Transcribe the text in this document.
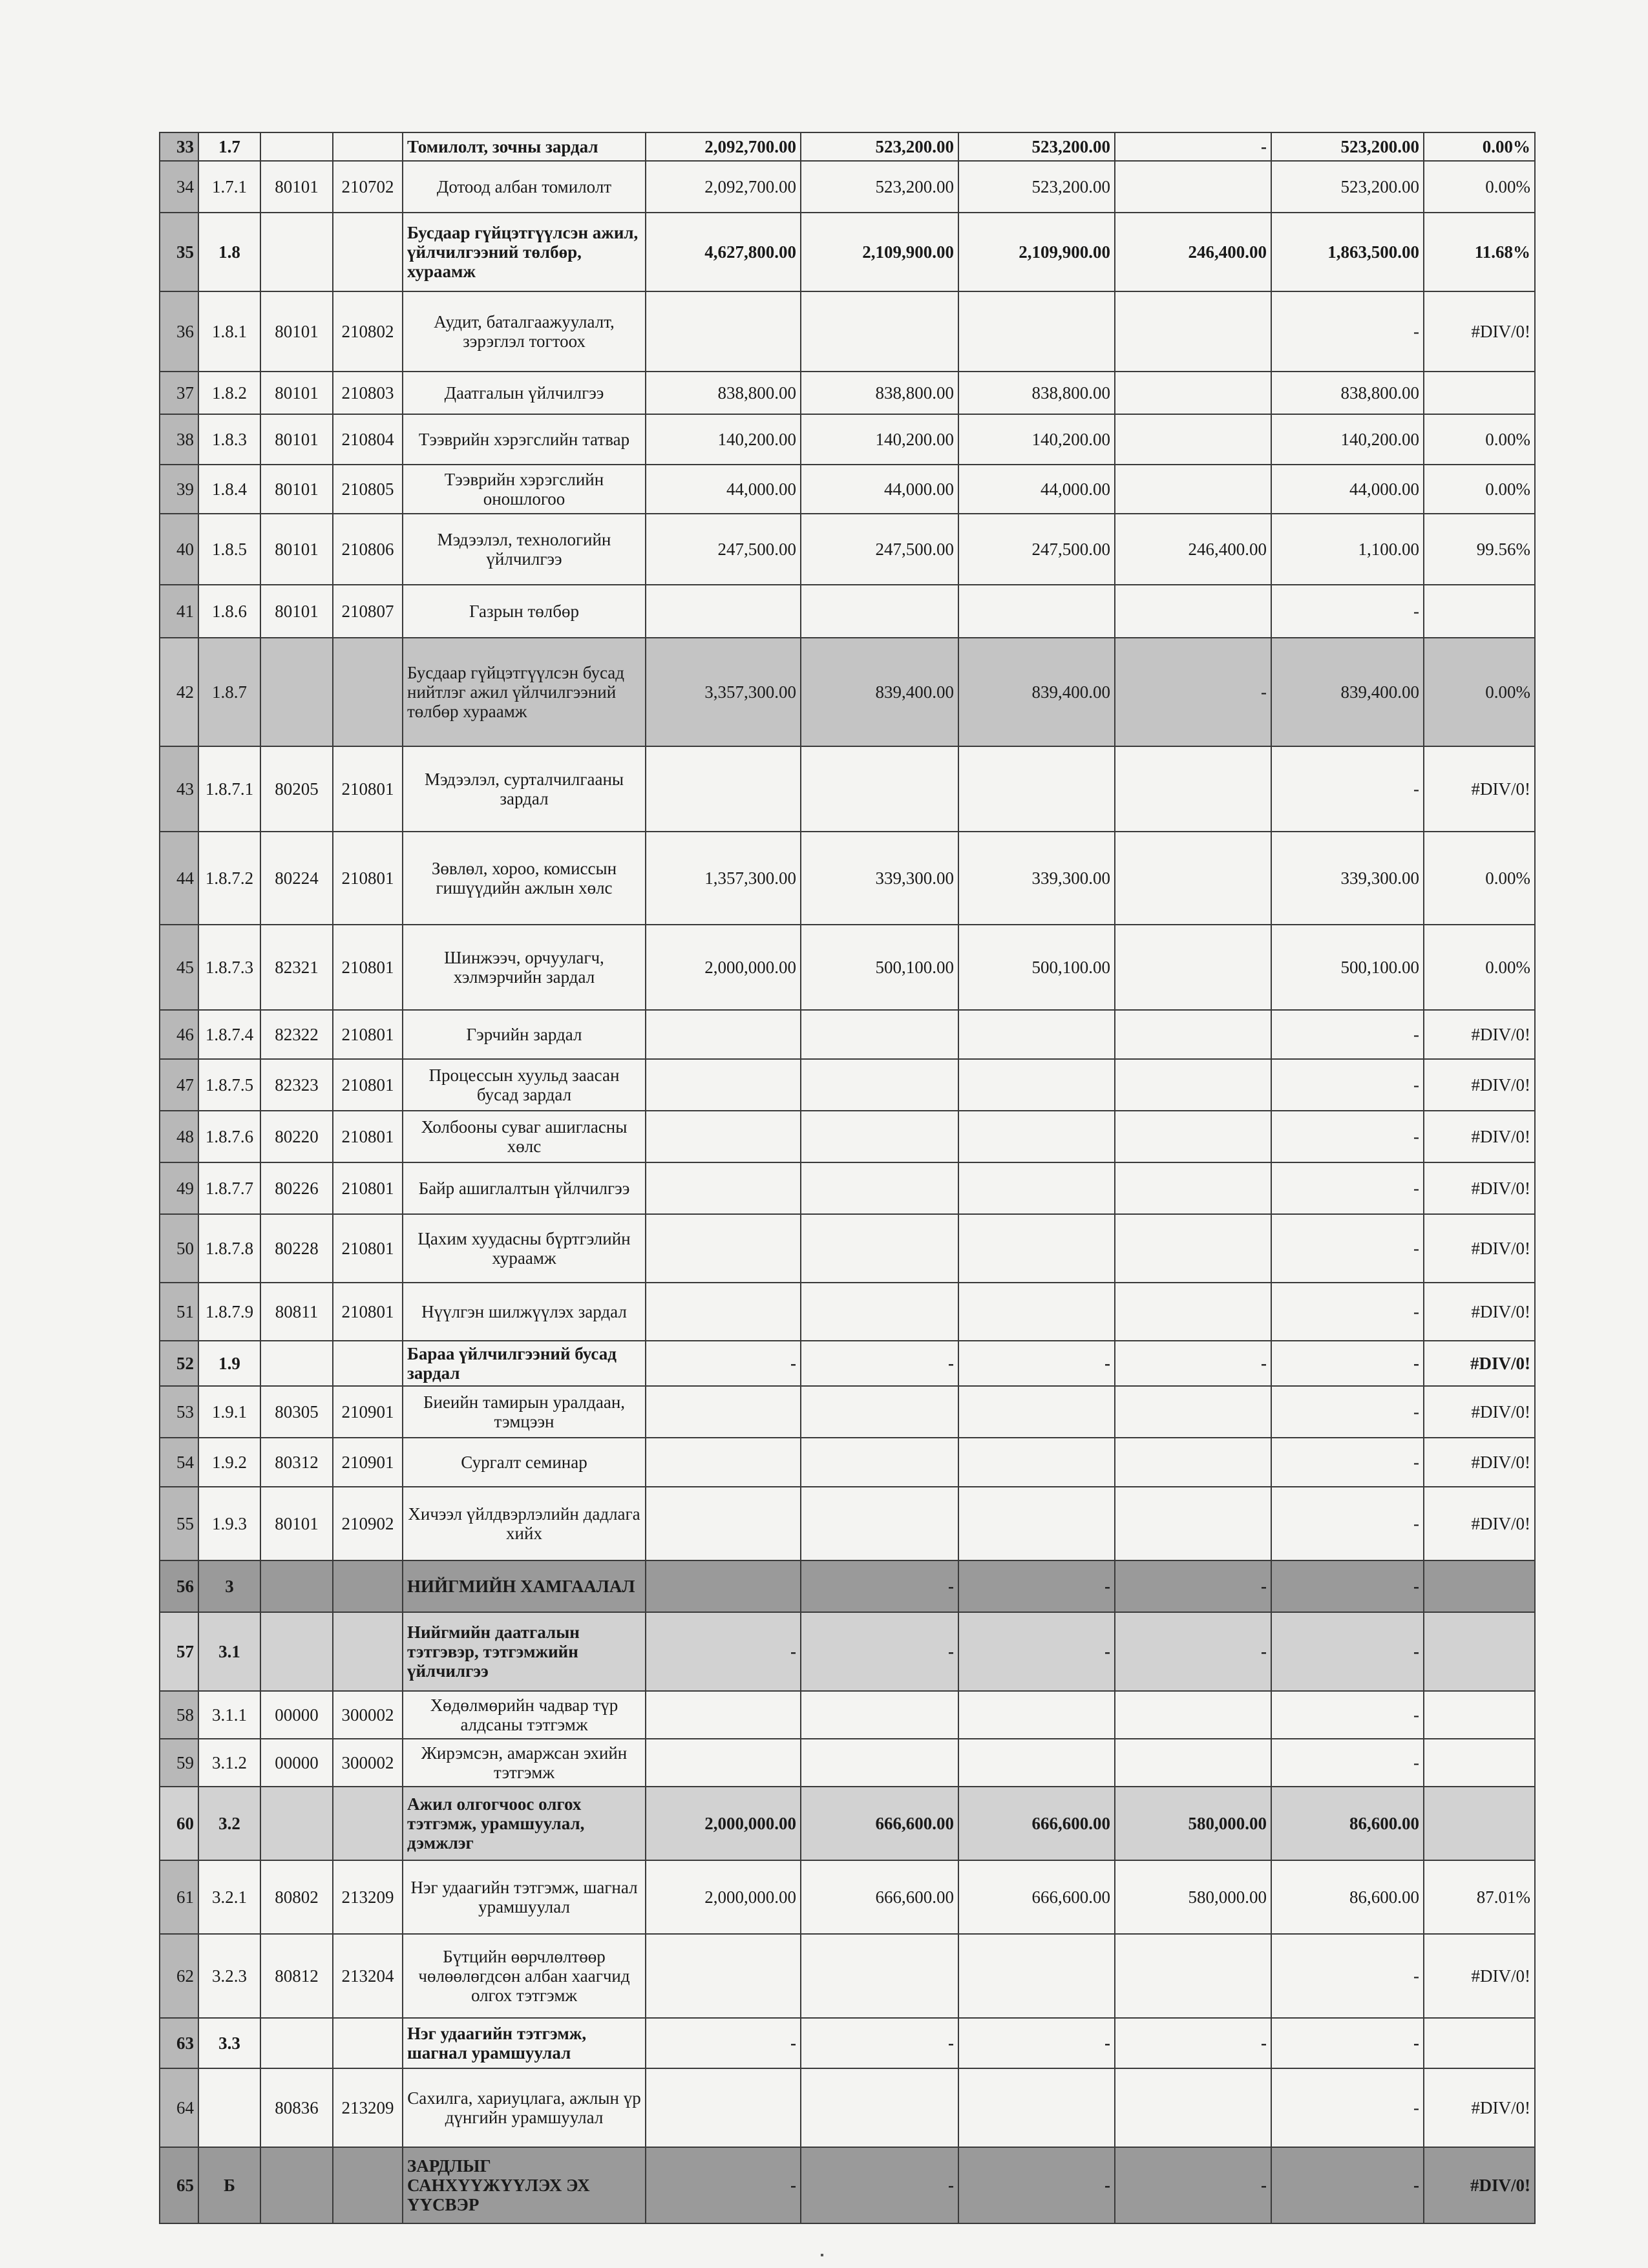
33	1.7			Томилолт, зочны зардал	2,092,700.00	523,200.00	523,200.00	-	523,200.00	0.00%
34	1.7.1	80101	210702	Дотоод албан томилолт	2,092,700.00	523,200.00	523,200.00		523,200.00	0.00%
35	1.8			Бусдаар гүйцэтгүүлсэн ажил, үйлчилгээний төлбөр, хураамж	4,627,800.00	2,109,900.00	2,109,900.00	246,400.00	1,863,500.00	11.68%
36	1.8.1	80101	210802	Аудит, баталгаажуулалт, зэрэглэл тогтоох					-	#DIV/0!
37	1.8.2	80101	210803	Даатгалын үйлчилгээ	838,800.00	838,800.00	838,800.00		838,800.00	
38	1.8.3	80101	210804	Тээврийн хэрэгслийн татвар	140,200.00	140,200.00	140,200.00		140,200.00	0.00%
39	1.8.4	80101	210805	Тээврийн хэрэгслийн оношлогоо	44,000.00	44,000.00	44,000.00		44,000.00	0.00%
40	1.8.5	80101	210806	Мэдээлэл, технологийн үйлчилгээ	247,500.00	247,500.00	247,500.00	246,400.00	1,100.00	99.56%
41	1.8.6	80101	210807	Газрын төлбөр					-	
42	1.8.7			Бусдаар гүйцэтгүүлсэн бусад нийтлэг ажил үйлчилгээний төлбөр хураамж	3,357,300.00	839,400.00	839,400.00	-	839,400.00	0.00%
43	1.8.7.1	80205	210801	Мэдээлэл, сурталчилгааны зардал					-	#DIV/0!
44	1.8.7.2	80224	210801	Зөвлөл, хороо, комиссын гишүүдийн ажлын хөлс	1,357,300.00	339,300.00	339,300.00		339,300.00	0.00%
45	1.8.7.3	82321	210801	Шинжээч, орчуулагч, хэлмэрчийн зардал	2,000,000.00	500,100.00	500,100.00		500,100.00	0.00%
46	1.8.7.4	82322	210801	Гэрчийн зардал					-	#DIV/0!
47	1.8.7.5	82323	210801	Процессын хуульд заасан бусад зардал					-	#DIV/0!
48	1.8.7.6	80220	210801	Холбооны суваг ашигласны хөлс					-	#DIV/0!
49	1.8.7.7	80226	210801	Байр ашиглалтын үйлчилгээ					-	#DIV/0!
50	1.8.7.8	80228	210801	Цахим хуудасны бүртгэлийн хураамж					-	#DIV/0!
51	1.8.7.9	80811	210801	Нүүлгэн шилжүүлэх зардал					-	#DIV/0!
52	1.9			Бараа үйлчилгээний бусад зардал	-	-	-	-	-	#DIV/0!
53	1.9.1	80305	210901	Биеийн тамирын уралдаан, тэмцээн					-	#DIV/0!
54	1.9.2	80312	210901	Сургалт семинар					-	#DIV/0!
55	1.9.3	80101	210902	Хичээл үйлдвэрлэлийн дадлага хийх					-	#DIV/0!
56	3			НИЙГМИЙН ХАМГААЛАЛ		-	-	-	-	
57	3.1			Нийгмийн даатгалын тэтгэвэр, тэтгэмжийн үйлчилгээ	-	-	-	-	-	
58	3.1.1	00000	300002	Хөдөлмөрийн чадвар түр алдсаны тэтгэмж					-	
59	3.1.2	00000	300002	Жирэмсэн, амаржсан эхийн тэтгэмж					-	
60	3.2			Ажил олгогчоос олгох тэтгэмж, урамшуулал, дэмжлэг	2,000,000.00	666,600.00	666,600.00	580,000.00	86,600.00	
61	3.2.1	80802	213209	Нэг удаагийн тэтгэмж, шагнал урамшуулал	2,000,000.00	666,600.00	666,600.00	580,000.00	86,600.00	87.01%
62	3.2.3	80812	213204	Бүтцийн өөрчлөлтөөр чөлөөлөгдсөн албан хаагчид олгох тэтгэмж					-	#DIV/0!
63	3.3			Нэг удаагийн тэтгэмж, шагнал урамшуулал	-	-	-	-	-	
64		80836	213209	Сахилга, хариуцлага, ажлын үр дүнгийн урамшуулал					-	#DIV/0!
65	Б			ЗАРДЛЫГ САНХҮҮЖҮҮЛЭХ ЭХ ҮҮСВЭР	-	-	-	-	-	#DIV/0!
